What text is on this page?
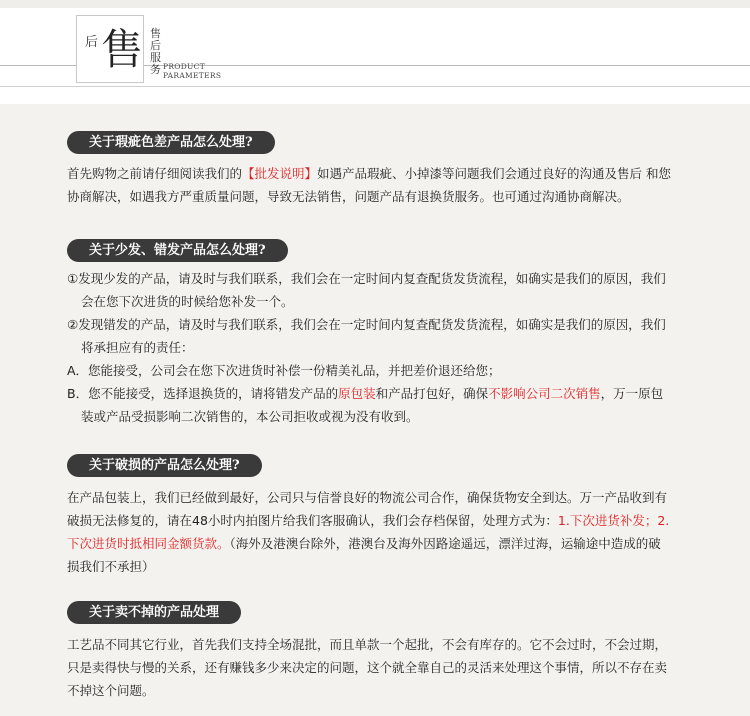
后 售 售后服务 PRODUCT
PARAMETERS
关于瑕疵色差产品怎么处理?
首先购物之前请仔细阅读我们的【批发说明】如遇产品瑕疵、小掉漆等问题我们会通过良好的沟通及售后 和您
协商解决，如遇我方严重质量问题，导致无法销售，问题产品有退换货服务。也可通过沟通协商解决。
关于少发、错发产品怎么处理?
①发现少发的产品，请及时与我们联系，我们会在一定时间内复查配货发货流程，如确实是我们的原因，我们
会在您下次进货的时候给您补发一个。
②发现错发的产品，请及时与我们联系，我们会在一定时间内复查配货发货流程，如确实是我们的原因，我们
将承担应有的责任：
A．您能接受，公司会在您下次进货时补偿一份精美礼品，并把差价退还给您；
B．您不能接受，选择退换货的，请将错发产品的原包装和产品打包好，确保不影响公司二次销售，万一原包
装或产品受损影响二次销售的，本公司拒收或视为没有收到。
关于破损的产品怎么处理?
在产品包装上，我们已经做到最好，公司只与信誉良好的物流公司合作，确保货物安全到达。万一产品收到有
破损无法修复的，请在48小时内拍图片给我们客服确认，我们会存档保留，处理方式为：1.下次进货补发；2.
下次进货时抵相同金额货款。（海外及港澳台除外，港澳台及海外因路途遥远，漂洋过海，运输途中造成的破
损我们不承担）
关于卖不掉的产品处理
工艺品不同其它行业，首先我们支持全场混批，而且单款一个起批，不会有库存的。它不会过时，不会过期，
只是卖得快与慢的关系，还有赚钱多少来决定的问题，这个就全靠自己的灵活来处理这个事情，所以不存在卖
不掉这个问题。
